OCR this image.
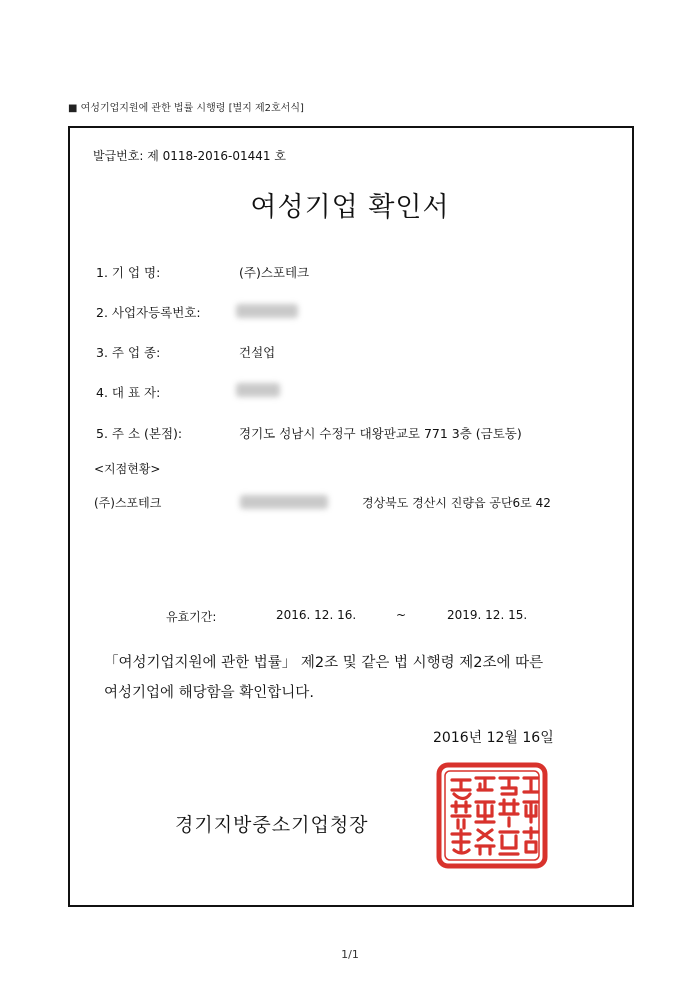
■ 여성기업지원에 관한 법률 시행령 [별지 제2호서식]
발급번호: 제 0118-2016-01441 호
여성기업 확인서
1. 기 업 명:	(주)스포테크
2. 사업자등록번호:
3. 주 업 종:	건설업
4. 대 표 자:
5. 주 소 (본점):	경기도 성남시 수정구 대왕판교로 771 3층 (금토동)
<지점현황>
(주)스포테크	경상북도 경산시 진량읍 공단6로 42
유효기간:	2016. 12. 16.	~	2019. 12. 15.
「여성기업지원에 관한 법률」 제2조 및 같은 법 시행령 제2조에 따른
여성기업에 해당함을 확인합니다.
2016년 12월 16일
경기지방중소기업청장
1/1
